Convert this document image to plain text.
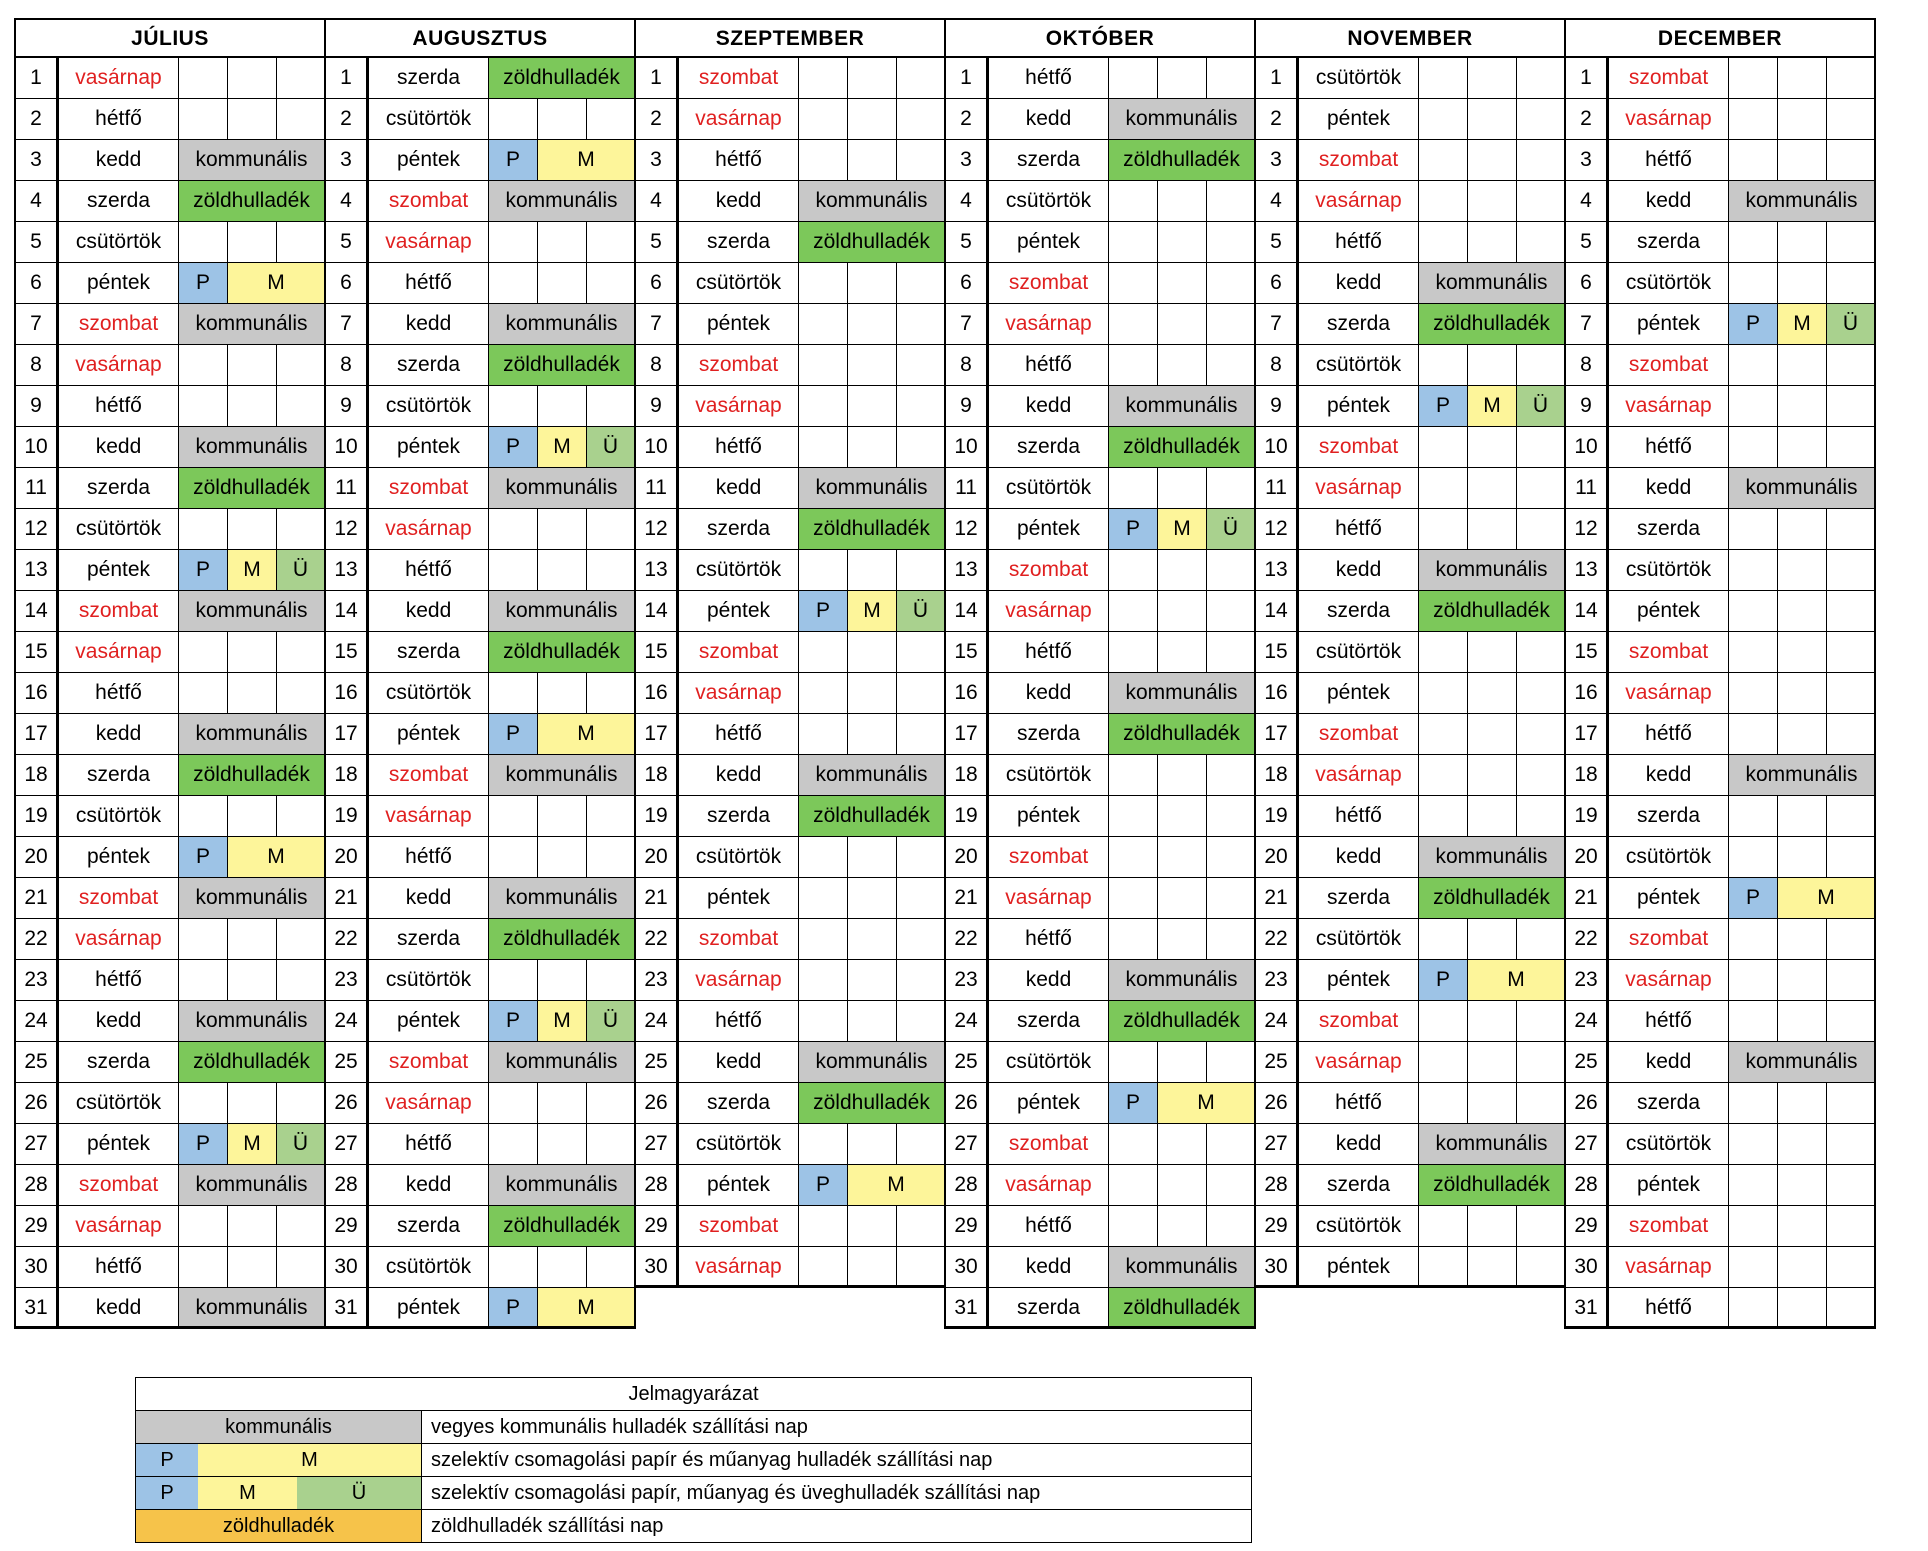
JÚLIUS
1	vasárnap
2	hétfő
3	kedd	kommunális
4	szerda	zöldhulladék
5	csütörtök
6	péntek	P	M
7	szombat	kommunális
8	vasárnap
9	hétfő
10	kedd	kommunális
11	szerda	zöldhulladék
12	csütörtök
13	péntek	P	M	Ü
14	szombat	kommunális
15	vasárnap
16	hétfő
17	kedd	kommunális
18	szerda	zöldhulladék
19	csütörtök
20	péntek	P	M
21	szombat	kommunális
22	vasárnap
23	hétfő
24	kedd	kommunális
25	szerda	zöldhulladék
26	csütörtök
27	péntek	P	M	Ü
28	szombat	kommunális
29	vasárnap
30	hétfő
31	kedd	kommunális
AUGUSZTUS
1	szerda	zöldhulladék
2	csütörtök
3	péntek	P	M
4	szombat	kommunális
5	vasárnap
6	hétfő
7	kedd	kommunális
8	szerda	zöldhulladék
9	csütörtök
10	péntek	P	M	Ü
11	szombat	kommunális
12	vasárnap
13	hétfő
14	kedd	kommunális
15	szerda	zöldhulladék
16	csütörtök
17	péntek	P	M
18	szombat	kommunális
19	vasárnap
20	hétfő
21	kedd	kommunális
22	szerda	zöldhulladék
23	csütörtök
24	péntek	P	M	Ü
25	szombat	kommunális
26	vasárnap
27	hétfő
28	kedd	kommunális
29	szerda	zöldhulladék
30	csütörtök
31	péntek	P	M
SZEPTEMBER
1	szombat
2	vasárnap
3	hétfő
4	kedd	kommunális
5	szerda	zöldhulladék
6	csütörtök
7	péntek
8	szombat
9	vasárnap
10	hétfő
11	kedd	kommunális
12	szerda	zöldhulladék
13	csütörtök
14	péntek	P	M	Ü
15	szombat
16	vasárnap
17	hétfő
18	kedd	kommunális
19	szerda	zöldhulladék
20	csütörtök
21	péntek
22	szombat
23	vasárnap
24	hétfő
25	kedd	kommunális
26	szerda	zöldhulladék
27	csütörtök
28	péntek	P	M
29	szombat
30	vasárnap
OKTÓBER
1	hétfő
2	kedd	kommunális
3	szerda	zöldhulladék
4	csütörtök
5	péntek
6	szombat
7	vasárnap
8	hétfő
9	kedd	kommunális
10	szerda	zöldhulladék
11	csütörtök
12	péntek	P	M	Ü
13	szombat
14	vasárnap
15	hétfő
16	kedd	kommunális
17	szerda	zöldhulladék
18	csütörtök
19	péntek
20	szombat
21	vasárnap
22	hétfő
23	kedd	kommunális
24	szerda	zöldhulladék
25	csütörtök
26	péntek	P	M
27	szombat
28	vasárnap
29	hétfő
30	kedd	kommunális
31	szerda	zöldhulladék
NOVEMBER
1	csütörtök
2	péntek
3	szombat
4	vasárnap
5	hétfő
6	kedd	kommunális
7	szerda	zöldhulladék
8	csütörtök
9	péntek	P	M	Ü
10	szombat
11	vasárnap
12	hétfő
13	kedd	kommunális
14	szerda	zöldhulladék
15	csütörtök
16	péntek
17	szombat
18	vasárnap
19	hétfő
20	kedd	kommunális
21	szerda	zöldhulladék
22	csütörtök
23	péntek	P	M
24	szombat
25	vasárnap
26	hétfő
27	kedd	kommunális
28	szerda	zöldhulladék
29	csütörtök
30	péntek
DECEMBER
1	szombat
2	vasárnap
3	hétfő
4	kedd	kommunális
5	szerda
6	csütörtök
7	péntek	P	M	Ü
8	szombat
9	vasárnap
10	hétfő
11	kedd	kommunális
12	szerda
13	csütörtök
14	péntek
15	szombat
16	vasárnap
17	hétfő
18	kedd	kommunális
19	szerda
20	csütörtök
21	péntek	P	M
22	szombat
23	vasárnap
24	hétfő
25	kedd	kommunális
26	szerda
27	csütörtök
28	péntek
29	szombat
30	vasárnap
31	hétfő
Jelmagyarázat
kommunális	vegyes kommunális hulladék szállítási nap
P	M	szelektív csomagolási papír és műanyag hulladék szállítási nap
P	M	Ü	szelektív csomagolási papír, műanyag és üveghulladék szállítási nap
zöldhulladék	zöldhulladék szállítási nap
